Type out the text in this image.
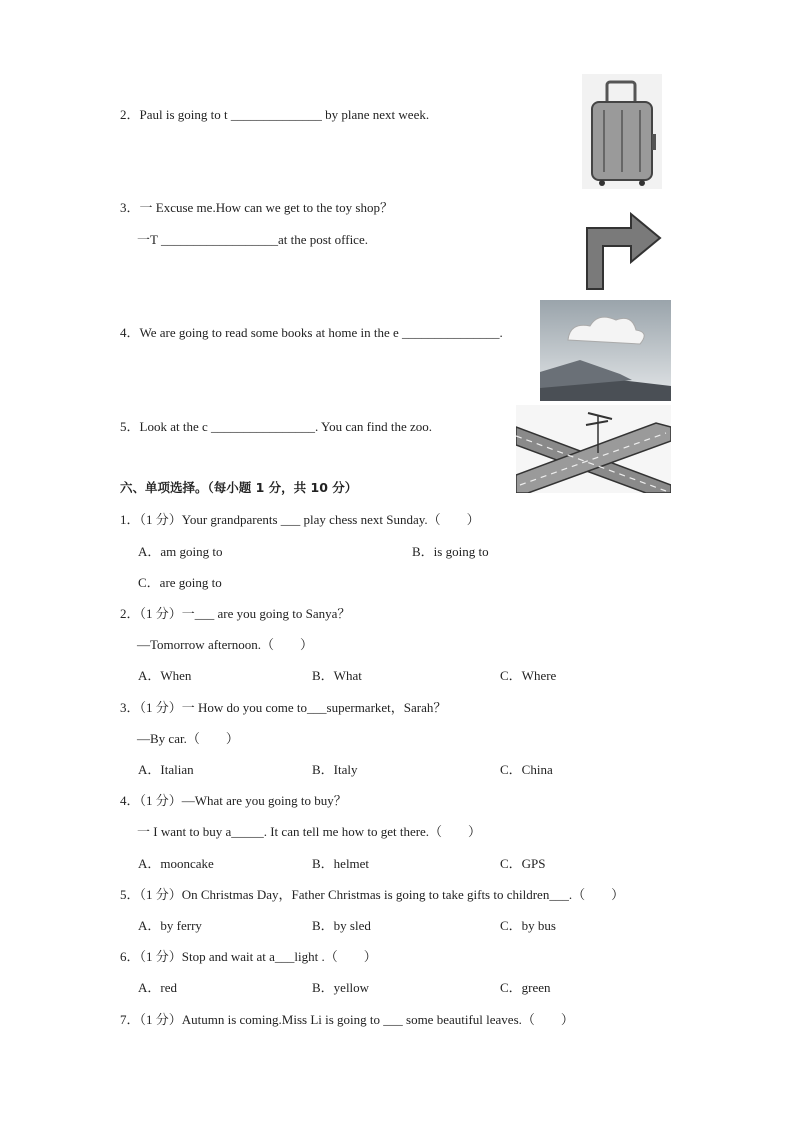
2．Paul is going to t ______________ by plane next week.
3．一 Excuse me.How can we get to the toy shop？
一T __________________at the post office.
4．We are going to read some books at home in the e _______________.
5．Look at the c ________________. You can find the zoo.
六、单项选择。（每小题 1 分，共 10 分）
1．（1 分）Your grandparents ___ play chess next Sunday.（　　）
A．am going to	B．is going to
C．are going to
2．（1 分）一___ are you going to Sanya？
—Tomorrow afternoon.（　　）
A．When	B．What	C．Where
3．（1 分）一 How do you come to___supermarket，Sarah？
—By car.（　　）
A．Italian	B．Italy	C．China
4．（1 分）—What are you going to buy？
一 I want to buy a_____. It can tell me how to get there.（　　）
A．mooncake	B．helmet	C．GPS
5．（1 分）On Christmas Day，Father Christmas is going to take gifts to children___.（　　）
A．by ferry	B．by sled	C．by bus
6．（1 分）Stop and wait at a___light .（　　）
A．red	B．yellow	C．green
7．（1 分）Autumn is coming.Miss Li is going to ___ some beautiful leaves.（　　）
